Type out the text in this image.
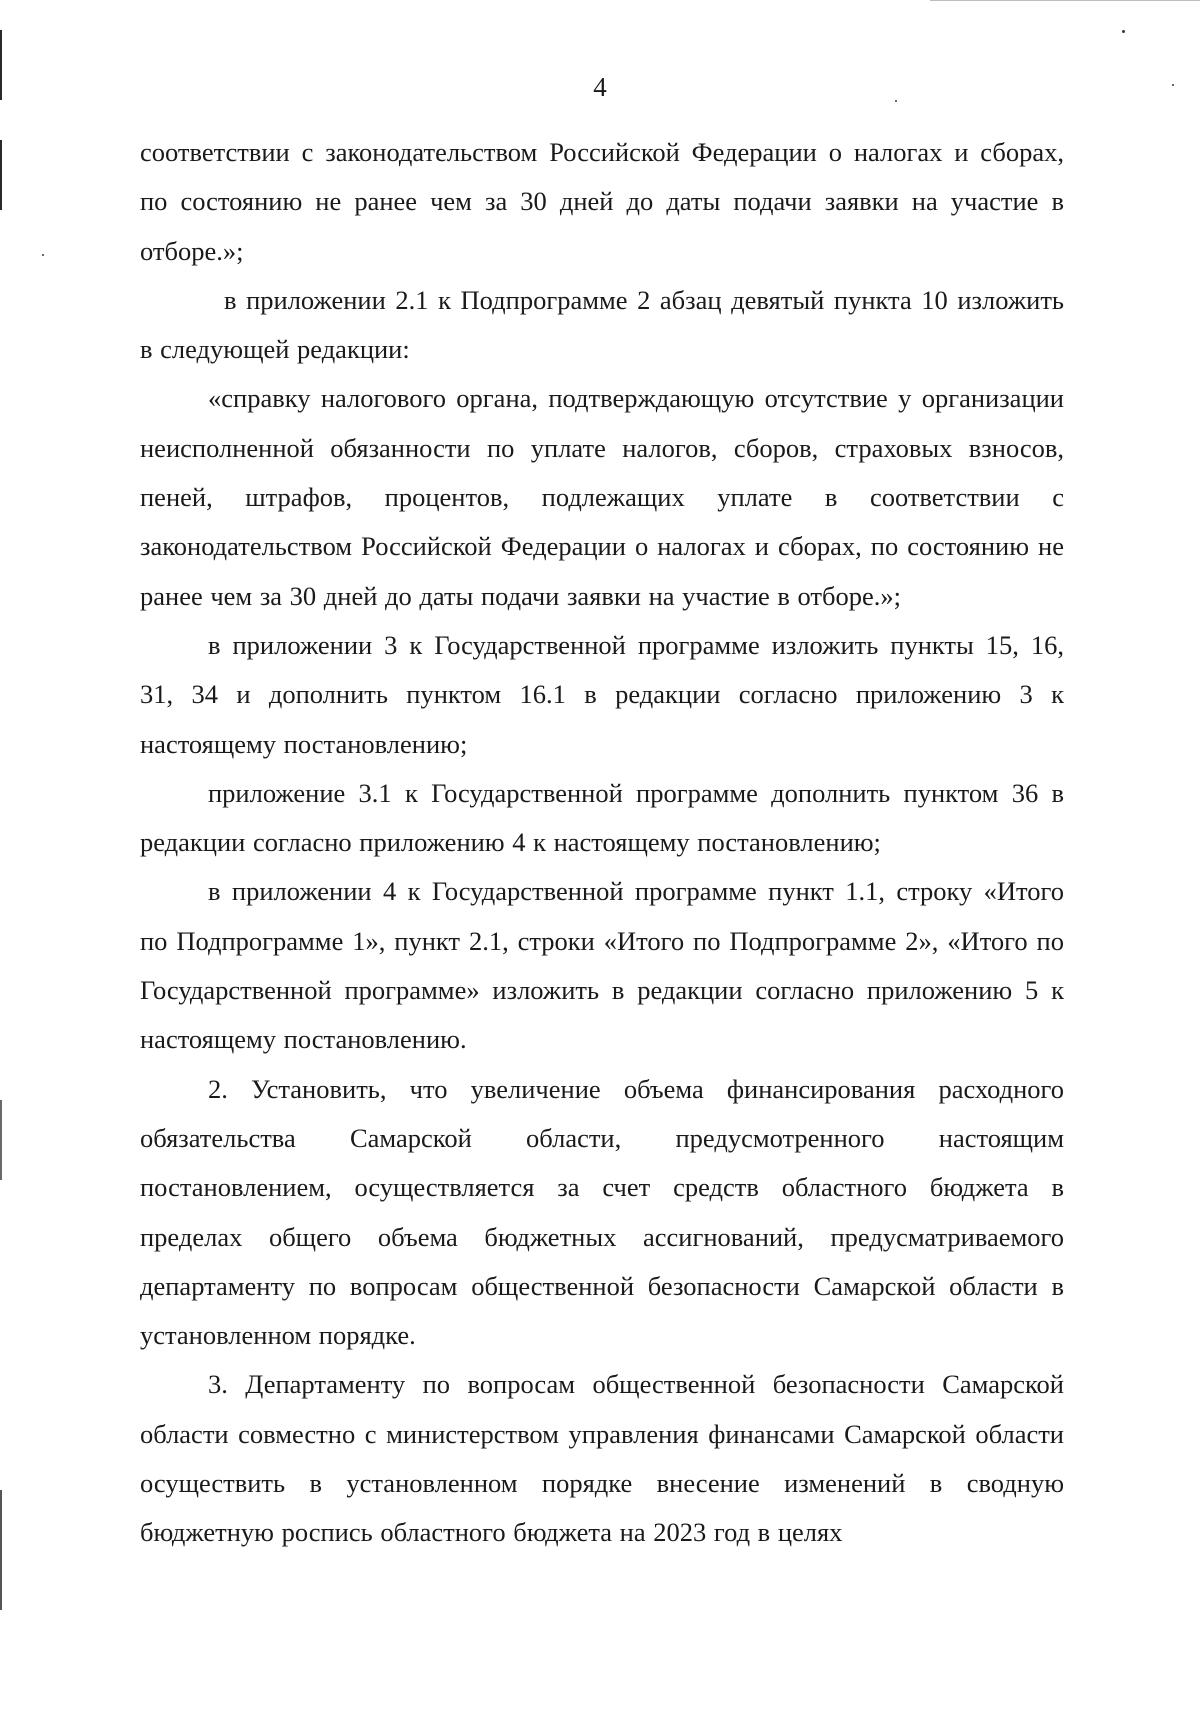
4

соответствии с законодательством Российской Федерации о налогах и сборах, по состоянию не ранее чем за 30 дней до даты подачи заявки на участие в отборе.»;

в приложении 2.1 к Подпрограмме 2 абзац девятый пункта 10 изложить в следующей редакции:

«справку налогового органа, подтверждающую отсутствие у организации неисполненной обязанности по уплате налогов, сборов, страховых взносов, пеней, штрафов, процентов, подлежащих уплате в соответствии с законодательством Российской Федерации о налогах и сборах, по состоянию не ранее чем за 30 дней до даты подачи заявки на участие в отборе.»;

в приложении 3 к Государственной программе изложить пункты 15, 16, 31, 34 и дополнить пунктом 16.1 в редакции согласно приложению 3 к настоящему постановлению;

приложение 3.1 к Государственной программе дополнить пунктом 36 в редакции согласно приложению 4 к настоящему постановлению;

в приложении 4 к Государственной программе пункт 1.1, строку «Итого по Подпрограмме 1», пункт 2.1, строки «Итого по Подпрограмме 2», «Итого по Государственной программе» изложить в редакции согласно приложению 5 к настоящему постановлению.

2. Установить, что увеличение объема финансирования расходного обязательства Самарской области, предусмотренного настоящим постановлением, осуществляется за счет средств областного бюджета в пределах общего объема бюджетных ассигнований, предусматриваемого департаменту по вопросам общественной безопасности Самарской области в установленном порядке.

3. Департаменту по вопросам общественной безопасности Самарской области совместно с министерством управления финансами Самарской области осуществить в установленном порядке внесение изменений в сводную бюджетную роспись областного бюджета на 2023 год в целях
